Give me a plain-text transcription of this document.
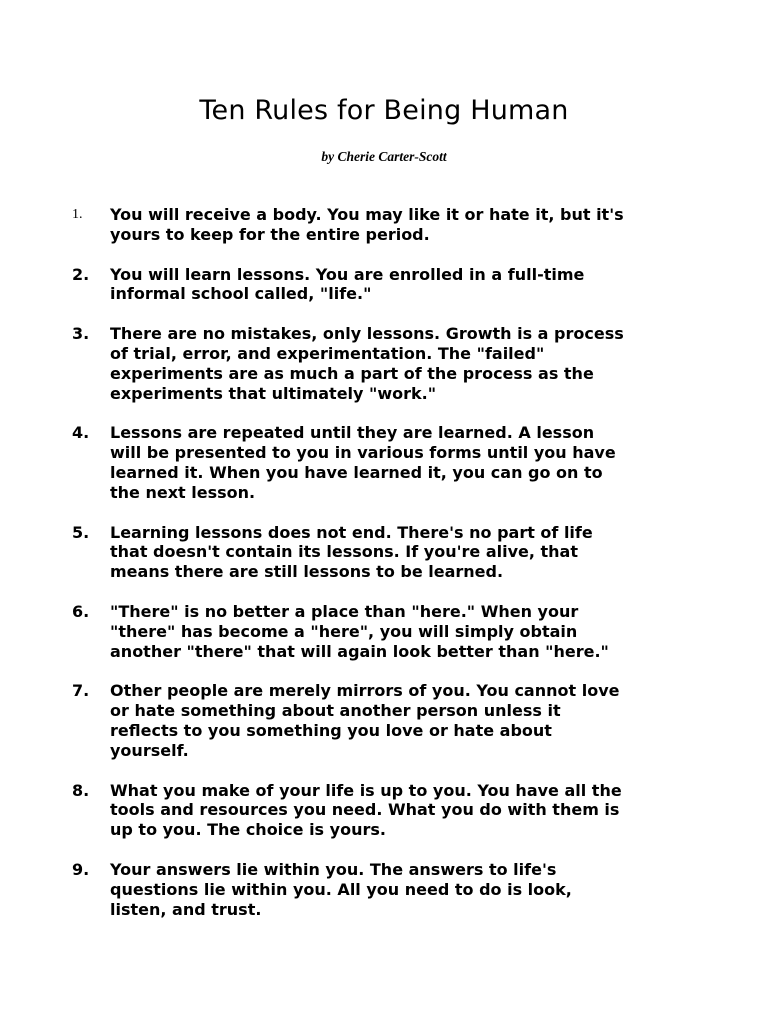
Ten Rules for Being Human

by Cherie Carter-Scott

1.	You will receive a body. You may like it or hate it, but it's
yours to keep for the entire period.
2.	You will learn lessons. You are enrolled in a full-time
informal school called, "life."
3.	There are no mistakes, only lessons. Growth is a process
of trial, error, and experimentation. The "failed"
experiments are as much a part of the process as the
experiments that ultimately "work."
4.	Lessons are repeated until they are learned. A lesson
will be presented to you in various forms until you have
learned it. When you have learned it, you can go on to
the next lesson.
5.	Learning lessons does not end. There's no part of life
that doesn't contain its lessons. If you're alive, that
means there are still lessons to be learned.
6.	"There" is no better a place than "here." When your
"there" has become a "here", you will simply obtain
another "there" that will again look better than "here."
7.	Other people are merely mirrors of you. You cannot love
or hate something about another person unless it
reflects to you something you love or hate about
yourself.
8.	What you make of your life is up to you. You have all the
tools and resources you need. What you do with them is
up to you. The choice is yours.
9.	Your answers lie within you. The answers to life's
questions lie within you. All you need to do is look,
listen, and trust.
